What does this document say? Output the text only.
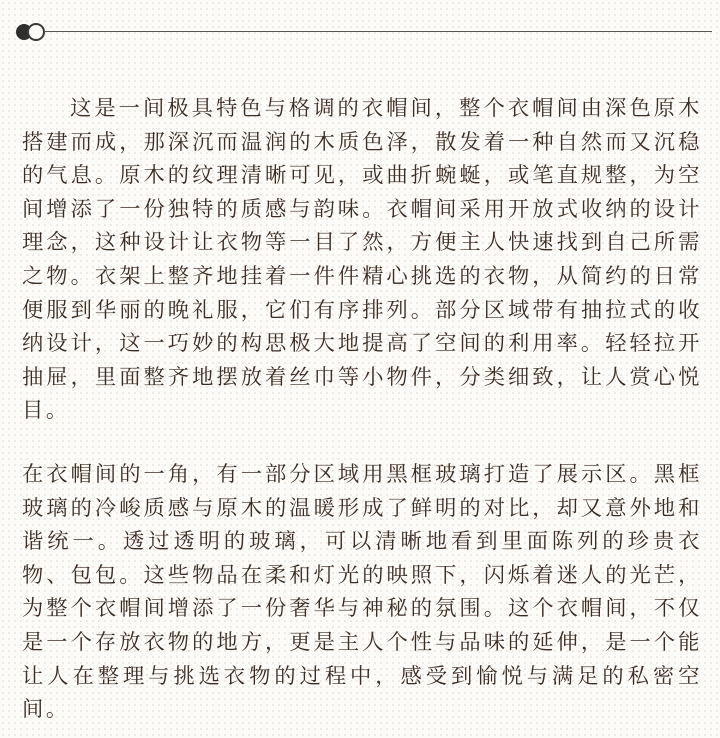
这是一间极具特色与格调的衣帽间，整个衣帽间由深色原木搭建而成，那深沉而温润的木质色泽，散发着一种自然而又沉稳的气息。原木的纹理清晰可见，或曲折蜿蜒，或笔直规整，为空间增添了一份独特的质感与韵味。衣帽间采用开放式收纳的设计理念，这种设计让衣物等一目了然，方便主人快速找到自己所需之物。衣架上整齐地挂着一件件精心挑选的衣物，从简约的日常便服到华丽的晚礼服，它们有序排列。部分区域带有抽拉式的收纳设计，这一巧妙的构思极大地提高了空间的利用率。轻轻拉开抽屉，里面整齐地摆放着丝巾等小物件，分类细致，让人赏心悦目。

在衣帽间的一角，有一部分区域用黑框玻璃打造了展示区。黑框玻璃的冷峻质感与原木的温暖形成了鲜明的对比，却又意外地和谐统一。透过透明的玻璃，可以清晰地看到里面陈列的珍贵衣物、包包。这些物品在柔和灯光的映照下，闪烁着迷人的光芒，为整个衣帽间增添了一份奢华与神秘的氛围。这个衣帽间，不仅是一个存放衣物的地方，更是主人个性与品味的延伸，是一个能让人在整理与挑选衣物的过程中，感受到愉悦与满足的私密空间。
